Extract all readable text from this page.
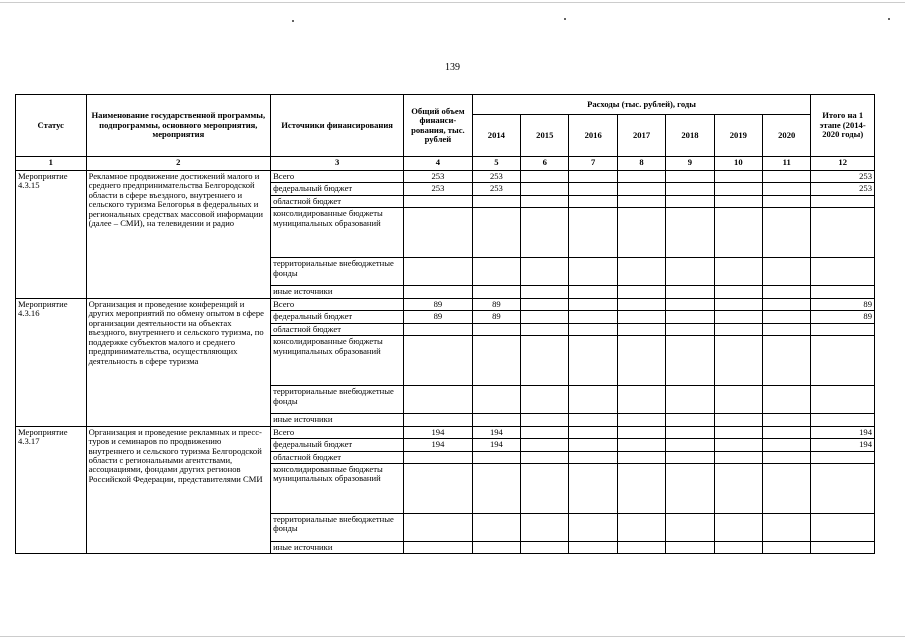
139
Статус	Наименование государственной программы, подпрограммы, основного мероприятия, мероприятия	Источники финансирования	Общий объем финанси-рования, тыс. рублей	Расходы (тыс. рублей), годы							Итого на 1 этапе (2014-2020 годы)
				2014	2015	2016	2017	2018	2019	2020	
1	2	3	4	5	6	7	8	9	10	11	12
Мероприятие 4.3.15	Рекламное продвижение достижений малого и среднего предпринимательства Белгородской области в сфере въездного, внутреннего и сельского туризма Белогорья в федеральных и региональных средствах массовой информации (далее – СМИ), на телевидении и радио	Всего	253	253							253
		федеральный бюджет	253	253							253
		областной бюджет									
		консолидированные бюджеты муниципальных образований									
		территориальные внебюджетные фонды									
		иные источники									
Мероприятие 4.3.16	Организация и проведение конференций и других мероприятий по обмену опытом в сфере организации деятельности на объектах въездного, внутреннего и сельского туризма, по поддержке субъектов малого и среднего предпринимательства, осуществляющих деятельность в сфере туризма	Всего	89	89							89
		федеральный бюджет	89	89							89
		областной бюджет									
		консолидированные бюджеты муниципальных образований									
		территориальные внебюджетные фонды									
		иные источники									
Мероприятие 4.3.17	Организация и проведение рекламных и пресс-туров и семинаров по продвижению внутреннего и сельского туризма Белгородской области с региональными агентствами, ассоциациями, фондами других регионов Российской Федерации, представителями СМИ	Всего	194	194							194
		федеральный бюджет	194	194							194
		областной бюджет									
		консолидированные бюджеты муниципальных образований									
		территориальные внебюджетные фонды									
		иные источники									
